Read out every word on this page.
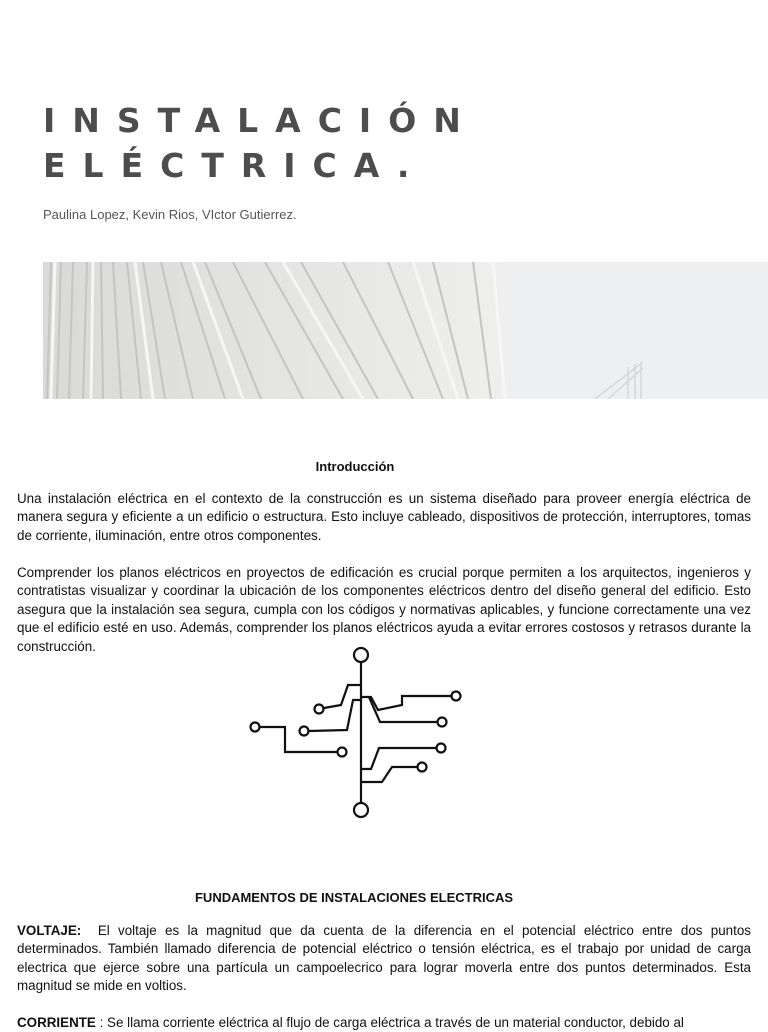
INSTALACIÓN
ELÉCTRICA.
Paulina Lopez, Kevin Rios, VIctor Gutierrez.
Introducción

Una instalación eléctrica en el contexto de la construcción es un sistema diseñado para proveer energía eléctrica de manera segura y eficiente a un edificio o estructura. Esto incluye cableado, dispositivos de protección, interruptores, tomas de corriente, iluminación, entre otros componentes.

Comprender los planos eléctricos en proyectos de edificación es crucial porque permiten a los arquitectos, ingenieros y contratistas visualizar y coordinar la ubicación de los componentes eléctricos dentro del diseño general del edificio. Esto asegura que la instalación sea segura, cumpla con los códigos y normativas aplicables, y funcione correctamente una vez que el edificio esté en uso. Además, comprender los planos eléctricos ayuda a evitar errores costosos y retrasos durante la construcción.

FUNDAMENTOS DE INSTALACIONES ELECTRICAS

VOLTAJE: El voltaje es la magnitud que da cuenta de la diferencia en el potencial eléctrico entre dos puntos determinados. También llamado diferencia de potencial eléctrico o tensión eléctrica, es el trabajo por unidad de carga electrica que ejerce sobre una partícula un campoelecrico para lograr moverla entre dos puntos determinados. Esta magnitud se mide en voltios.

CORRIENTE : Se llama corriente eléctrica al flujo de carga eléctrica a través de un material conductor, debido al
